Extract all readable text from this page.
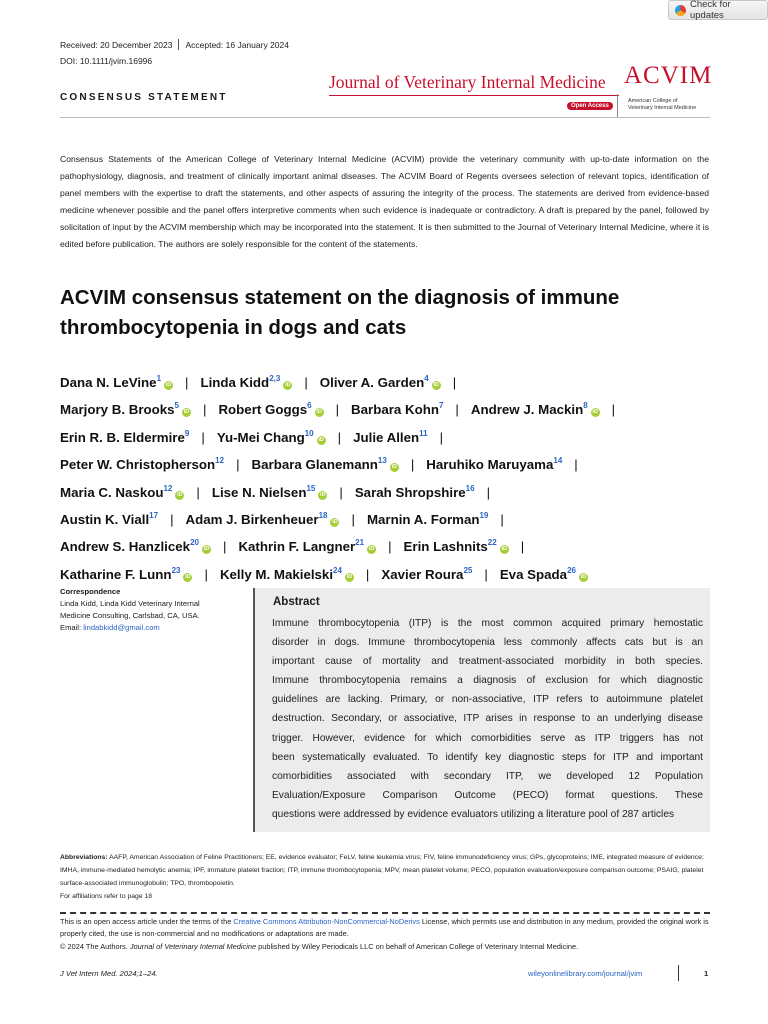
Check for updates
Received: 20 December 2023 Accepted: 16 January 2024
DOI: 10.1111/jvim.16996
CONSENSUS STATEMENT
Journal of Veterinary Internal Medicine
Open Access
ACVIM
American College of
Veterinary Internal Medicine
Consensus Statements of the American College of Veterinary Internal Medicine (ACVIM) provide the veterinary community with up-to-date information on the pathophysiology, diagnosis, and treatment of clinically important animal diseases. The ACVIM Board of Regents oversees selection of relevant topics, identification of panel members with the expertise to draft the statements, and other aspects of assuring the integrity of the process. The statements are derived from evidence-based medicine whenever possible and the panel offers interpretive comments when such evidence is inadequate or contradictory. A draft is prepared by the panel, followed by solicitation of input by the ACVIM membership which may be incorporated into the statement. It is then submitted to the Journal of Veterinary Internal Medicine, where it is edited before publication. The authors are solely responsible for the content of the statements.
ACVIM consensus statement on the diagnosis of immune
thrombocytopenia in dogs and cats
Dana N. LeVine$^1$iD | Linda Kidd$^{2,3}$iD | Oliver A. Garden$^4$iD |
Marjory B. Brooks$^5$iD | Robert Goggs$^6$iD | Barbara Kohn$^7$ | Andrew J. Mackin$^8$iD |
Erin R. B. Eldermire$^9$ | Yu-Mei Chang$^{10}$iD | Julie Allen$^{11}$ |
Peter W. Christopherson$^{12}$ | Barbara Glanemann$^{13}$iD | Haruhiko Maruyama$^{14}$ |
Maria C. Naskou$^{12}$iD | Lise N. Nielsen$^{15}$iD | Sarah Shropshire$^{16}$ |
Austin K. Viall$^{17}$ | Adam J. Birkenheuer$^{18}$iD | Marnin A. Forman$^{19}$ |
Andrew S. Hanzlicek$^{20}$iD | Kathrin F. Langner$^{21}$iD | Erin Lashnits$^{22}$iD |
Katharine F. Lunn$^{23}$iD | Kelly M. Makielski$^{24}$iD | Xavier Roura$^{25}$ | Eva Spada$^{26}$iD
Correspondence
Linda Kidd, Linda Kidd Veterinary Internal
Medicine Consulting, Carlsbad, CA, USA.
Email: lindabkidd@gmail.com
Abstract
Immune thrombocytopenia (ITP) is the most common acquired primary hemostatic
disorder in dogs. Immune thrombocytopenia less commonly affects cats but is an
important cause of mortality and treatment-associated morbidity in both species.
Immune thrombocytopenia remains a diagnosis of exclusion for which diagnostic
guidelines are lacking. Primary, or non-associative, ITP refers to autoimmune platelet
destruction. Secondary, or associative, ITP arises in response to an underlying disease
trigger. However, evidence for which comorbidities serve as ITP triggers has not
been systematically evaluated. To identify key diagnostic steps for ITP and important
comorbidities associated with secondary ITP, we developed 12 Population
Evaluation/Exposure Comparison Outcome (PECO) format questions. These
questions were addressed by evidence evaluators utilizing a literature pool of 287 articles
Abbreviations: AAFP, American Association of Feline Practitioners; EE, evidence evaluator; FeLV, feline leukemia virus; FIV, feline immunodeficiency virus; GPs, glycoproteins; IME, integrated measure of evidence; IMHA, immune-mediated hemolytic anemia; IPF, immature platelet fraction; ITP, immune thrombocytopenia; MPV, mean platelet volume; PECO, population evaluation/exposure comparison outcome; PSAIG, platelet surface-associated immunoglobulin; TPO, thrombopoietin.
For affiliations refer to page 18
This is an open access article under the terms of the Creative Commons Attribution-NonCommercial-NoDerivs License, which permits use and distribution in any medium, provided the original work is properly cited, the use is non-commercial and no modifications or adaptations are made.
© 2024 The Authors. Journal of Veterinary Internal Medicine published by Wiley Periodicals LLC on behalf of American College of Veterinary Internal Medicine.
J Vet Intern Med. 2024;1–24.	wileyonlinelibrary.com/journal/jvim	1
